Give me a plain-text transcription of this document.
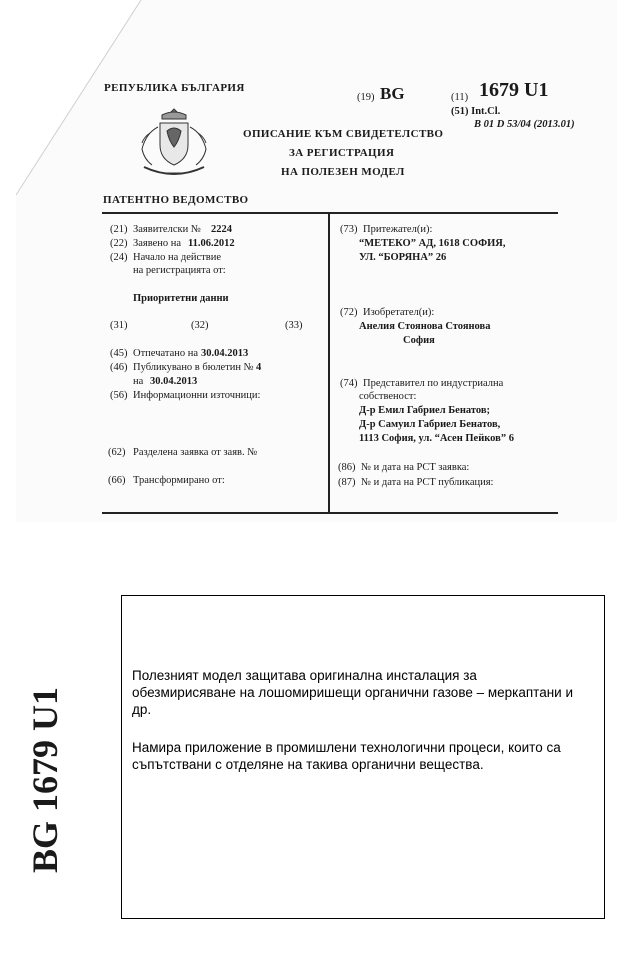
РЕПУБЛИКА БЪЛГАРИЯ
(19) BG	(11) 1679 U1
(51) Int.Cl.
B 01 D 53/04 (2013.01)
ОПИСАНИЕ КЪМ СВИДЕТЕЛСТВО
ЗА РЕГИСТРАЦИЯ
НА ПОЛЕЗЕН МОДЕЛ
ПАТЕНТНО ВЕДОМСТВО
(21) Заявителски № 2224
(22) Заявено на 11.06.2012
(24) Начало на действие
на регистрацията от:
Приоритетни данни
(31)	(32)	(33)
(45) Отпечатано на 30.04.2013
(46) Публикувано в бюлетин № 4
на 30.04.2013
(56) Информационни източници:
(62) Разделена заявка от заяв. №
(66) Трансформирано от:
(73) Притежател(и):
“МЕТЕКО” АД, 1618 СОФИЯ,
УЛ. “БОРЯНА” 26
(72) Изобретател(и):
Анелия Стоянова Стоянова
София
(74) Представител по индустриална
собственост:
Д-р Емил Габриел Бенатов;
Д-р Самуил Габриел Бенатов,
1113 София, ул. “Асен Пейков” 6
(86) № и дата на PCT заявка:
(87) № и дата на PCT публикация:
BG 1679 U1

Полезният модел защитава оригинална инсталация за обезмирисяване на лошомиришещи органични газове – меркаптани и др.

Намира приложение в промишлени технологични процеси, които са съпътствани с отделяне на такива органични вещества.
